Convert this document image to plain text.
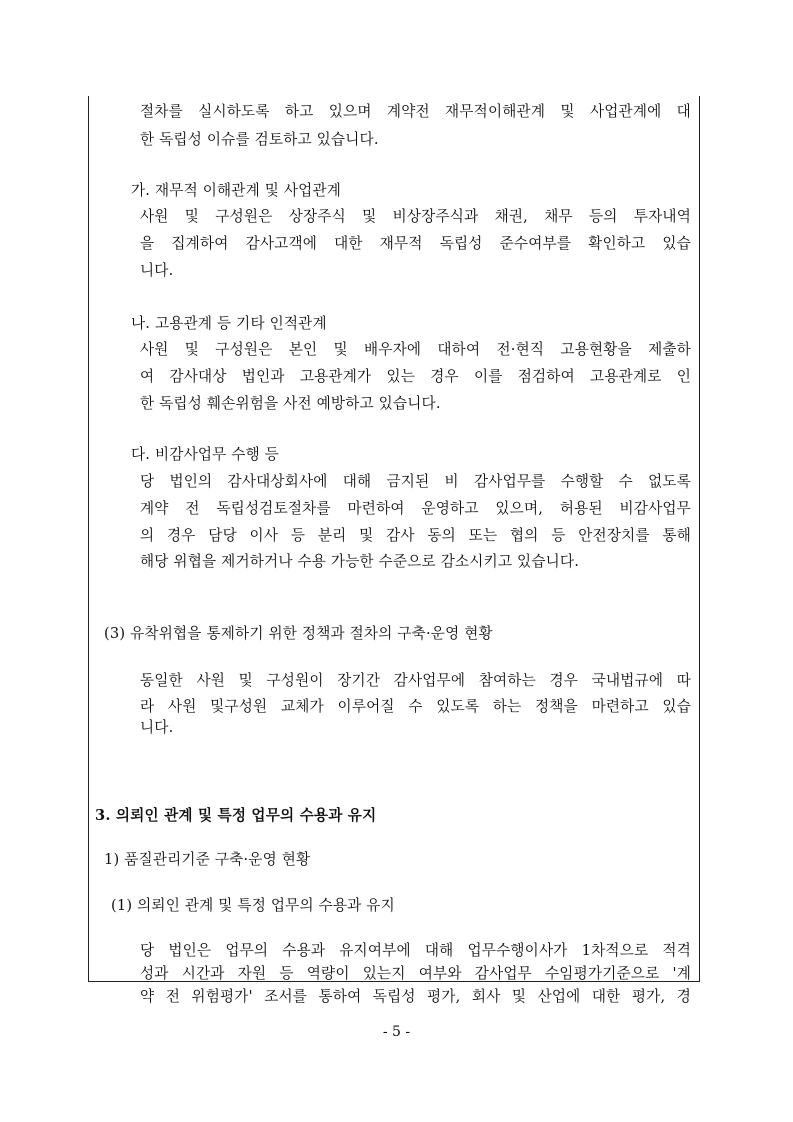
절차를 실시하도록 하고 있으며 계약전 재무적이해관계 및 사업관계에 대
한 독립성 이슈를 검토하고 있습니다.
가. 재무적 이해관계 및 사업관계
사원 및 구성원은 상장주식 및 비상장주식과 채권, 채무 등의 투자내역
을 집계하여 감사고객에 대한 재무적 독립성 준수여부를 확인하고 있습
니다.
나. 고용관계 등 기타 인적관계
사원 및 구성원은 본인 및 배우자에 대하여 전·현직 고용현황을 제출하
여 감사대상 법인과 고용관계가 있는 경우 이를 점검하여 고용관계로 인
한 독립성 훼손위험을 사전 예방하고 있습니다.
다. 비감사업무 수행 등
당 법인의 감사대상회사에 대해 금지된 비 감사업무를 수행할 수 없도록
계약 전 독립성검토절차를 마련하여 운영하고 있으며, 허용된 비감사업무
의 경우 담당 이사 등 분리 및 감사 동의 또는 협의 등 안전장치를 통해
해당 위협을 제거하거나 수용 가능한 수준으로 감소시키고 있습니다.
(3) 유착위협을 통제하기 위한 정책과 절차의 구축·운영 현황
동일한 사원 및 구성원이 장기간 감사업무에 참여하는 경우 국내법규에 따
라 사원 및구성원 교체가 이루어질 수 있도록 하는 정책을 마련하고 있습
니다.
3. 의뢰인 관계 및 특정 업무의 수용과 유지
1) 품질관리기준 구축·운영 현황
(1) 의뢰인 관계 및 특정 업무의 수용과 유지
당 법인은 업무의 수용과 유지여부에 대해 업무수행이사가 1차적으로 적격
성과 시간과 자원 등 역량이 있는지 여부와 감사업무 수임평가기준으로 '계
약 전 위험평가' 조서를 통하여 독립성 평가, 회사 및 산업에 대한 평가, 경
- 5 -
